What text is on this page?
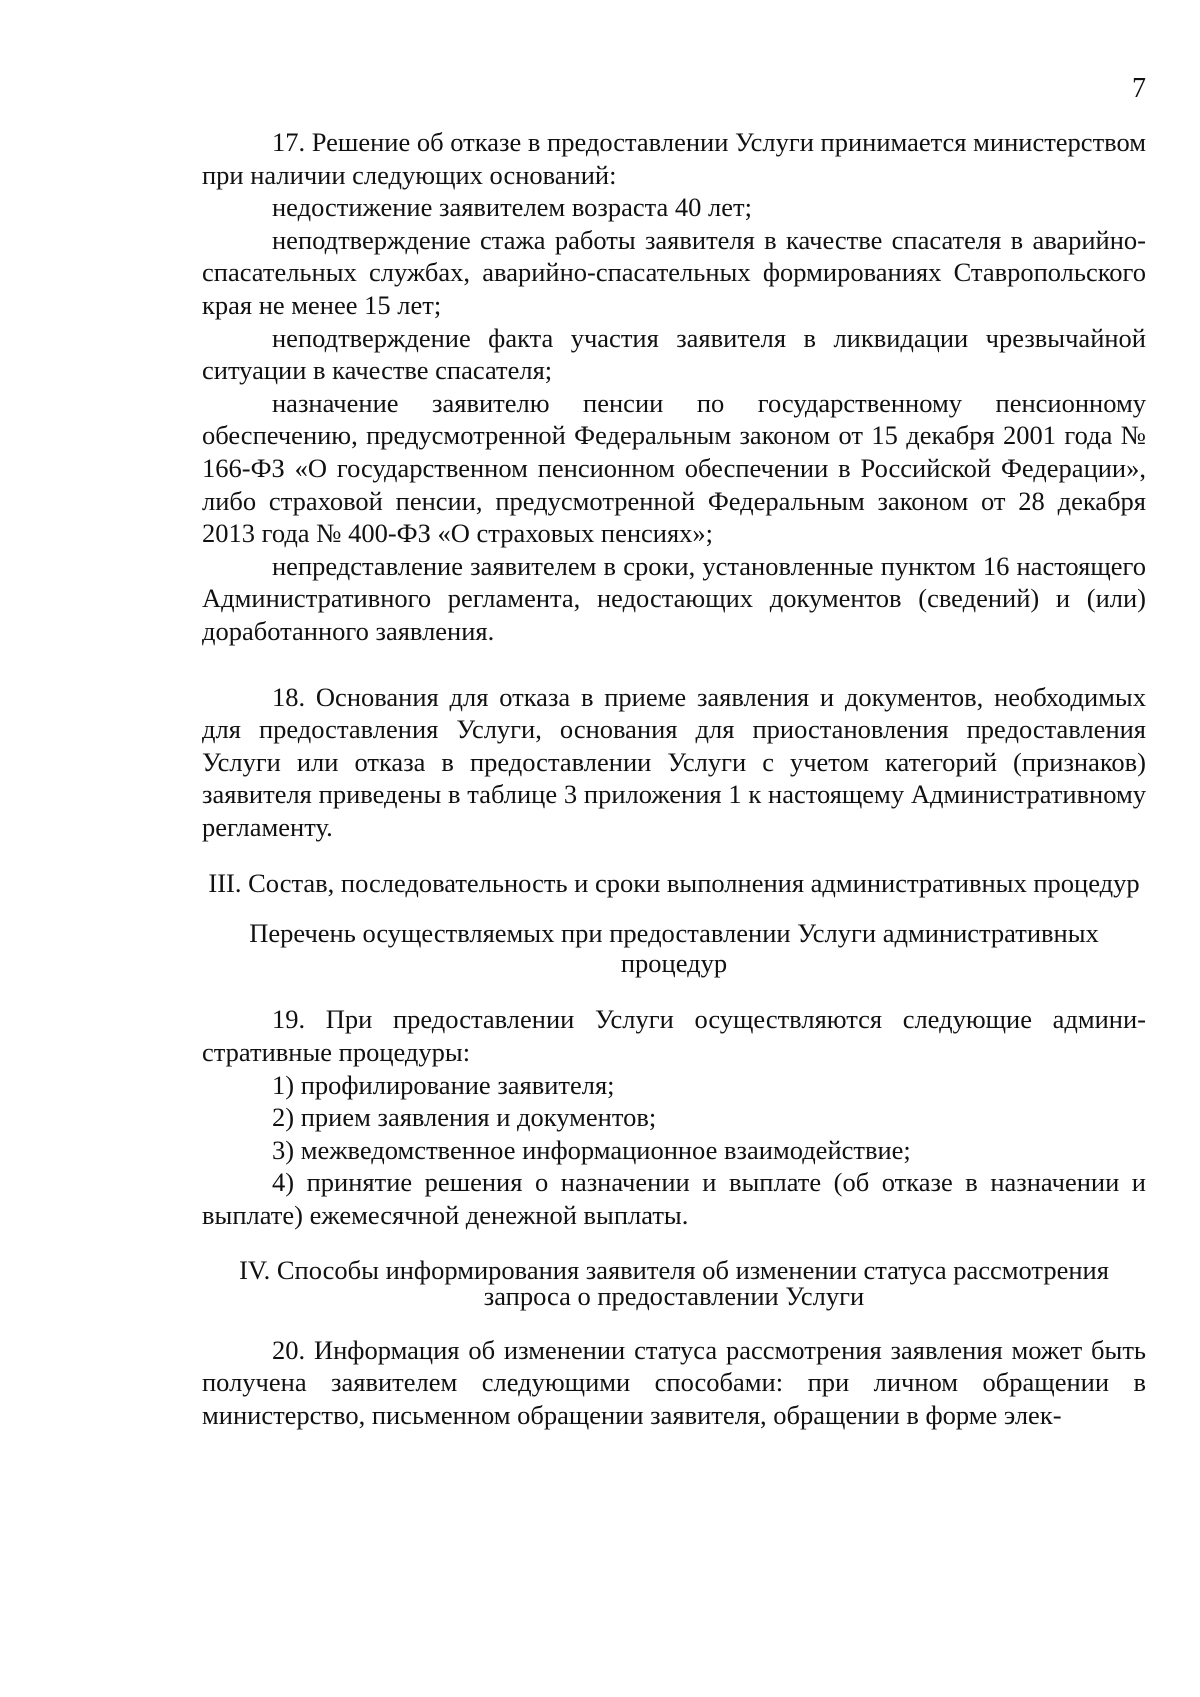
7

17. Решение об отказе в предоставлении Услуги принимается министерством при наличии следующих оснований:

недостижение заявителем возраста 40 лет;

неподтверждение стажа работы заявителя в качестве спасателя в аварийно-спасательных службах, аварийно-спасательных формированиях Ставропольского края не менее 15 лет;

неподтверждение факта участия заявителя в ликвидации чрезвычайной ситуации в качестве спасателя;

назначение заявителю пенсии по государственному пенсионному обеспечению, предусмотренной Федеральным законом от 15 декабря 2001 года № 166-ФЗ «О государственном пенсионном обеспечении в Российской Федерации», либо страховой пенсии, предусмотренной Федеральным законом от 28 декабря 2013 года № 400-ФЗ «О страховых пенсиях»;

непредставление заявителем в сроки, установленные пунктом 16 настоящего Административного регламента, недостающих документов (сведений) и (или) доработанного заявления.

18. Основания для отказа в приеме заявления и документов, необходимых для предоставления Услуги, основания для приостановления предоставления Услуги или отказа в предоставлении Услуги с учетом категорий (признаков) заявителя приведены в таблице 3 приложения 1 к настоящему Административному регламенту.

III. Состав, последовательность и сроки выполнения административных процедур

Перечень осуществляемых при предоставлении Услуги административных процедур

19. При предоставлении Услуги осуществляются следующие административные процедуры:

1) профилирование заявителя;

2) прием заявления и документов;

3) межведомственное информационное взаимодействие;

4) принятие решения о назначении и выплате (об отказе в назначении и выплате) ежемесячной денежной выплаты.

IV. Способы информирования заявителя об изменении статуса рассмотрения запроса о предоставлении Услуги

20. Информация об изменении статуса рассмотрения заявления может быть получена заявителем следующими способами: при личном обращении в министерство, письменном обращении заявителя, обращении в форме элек-
